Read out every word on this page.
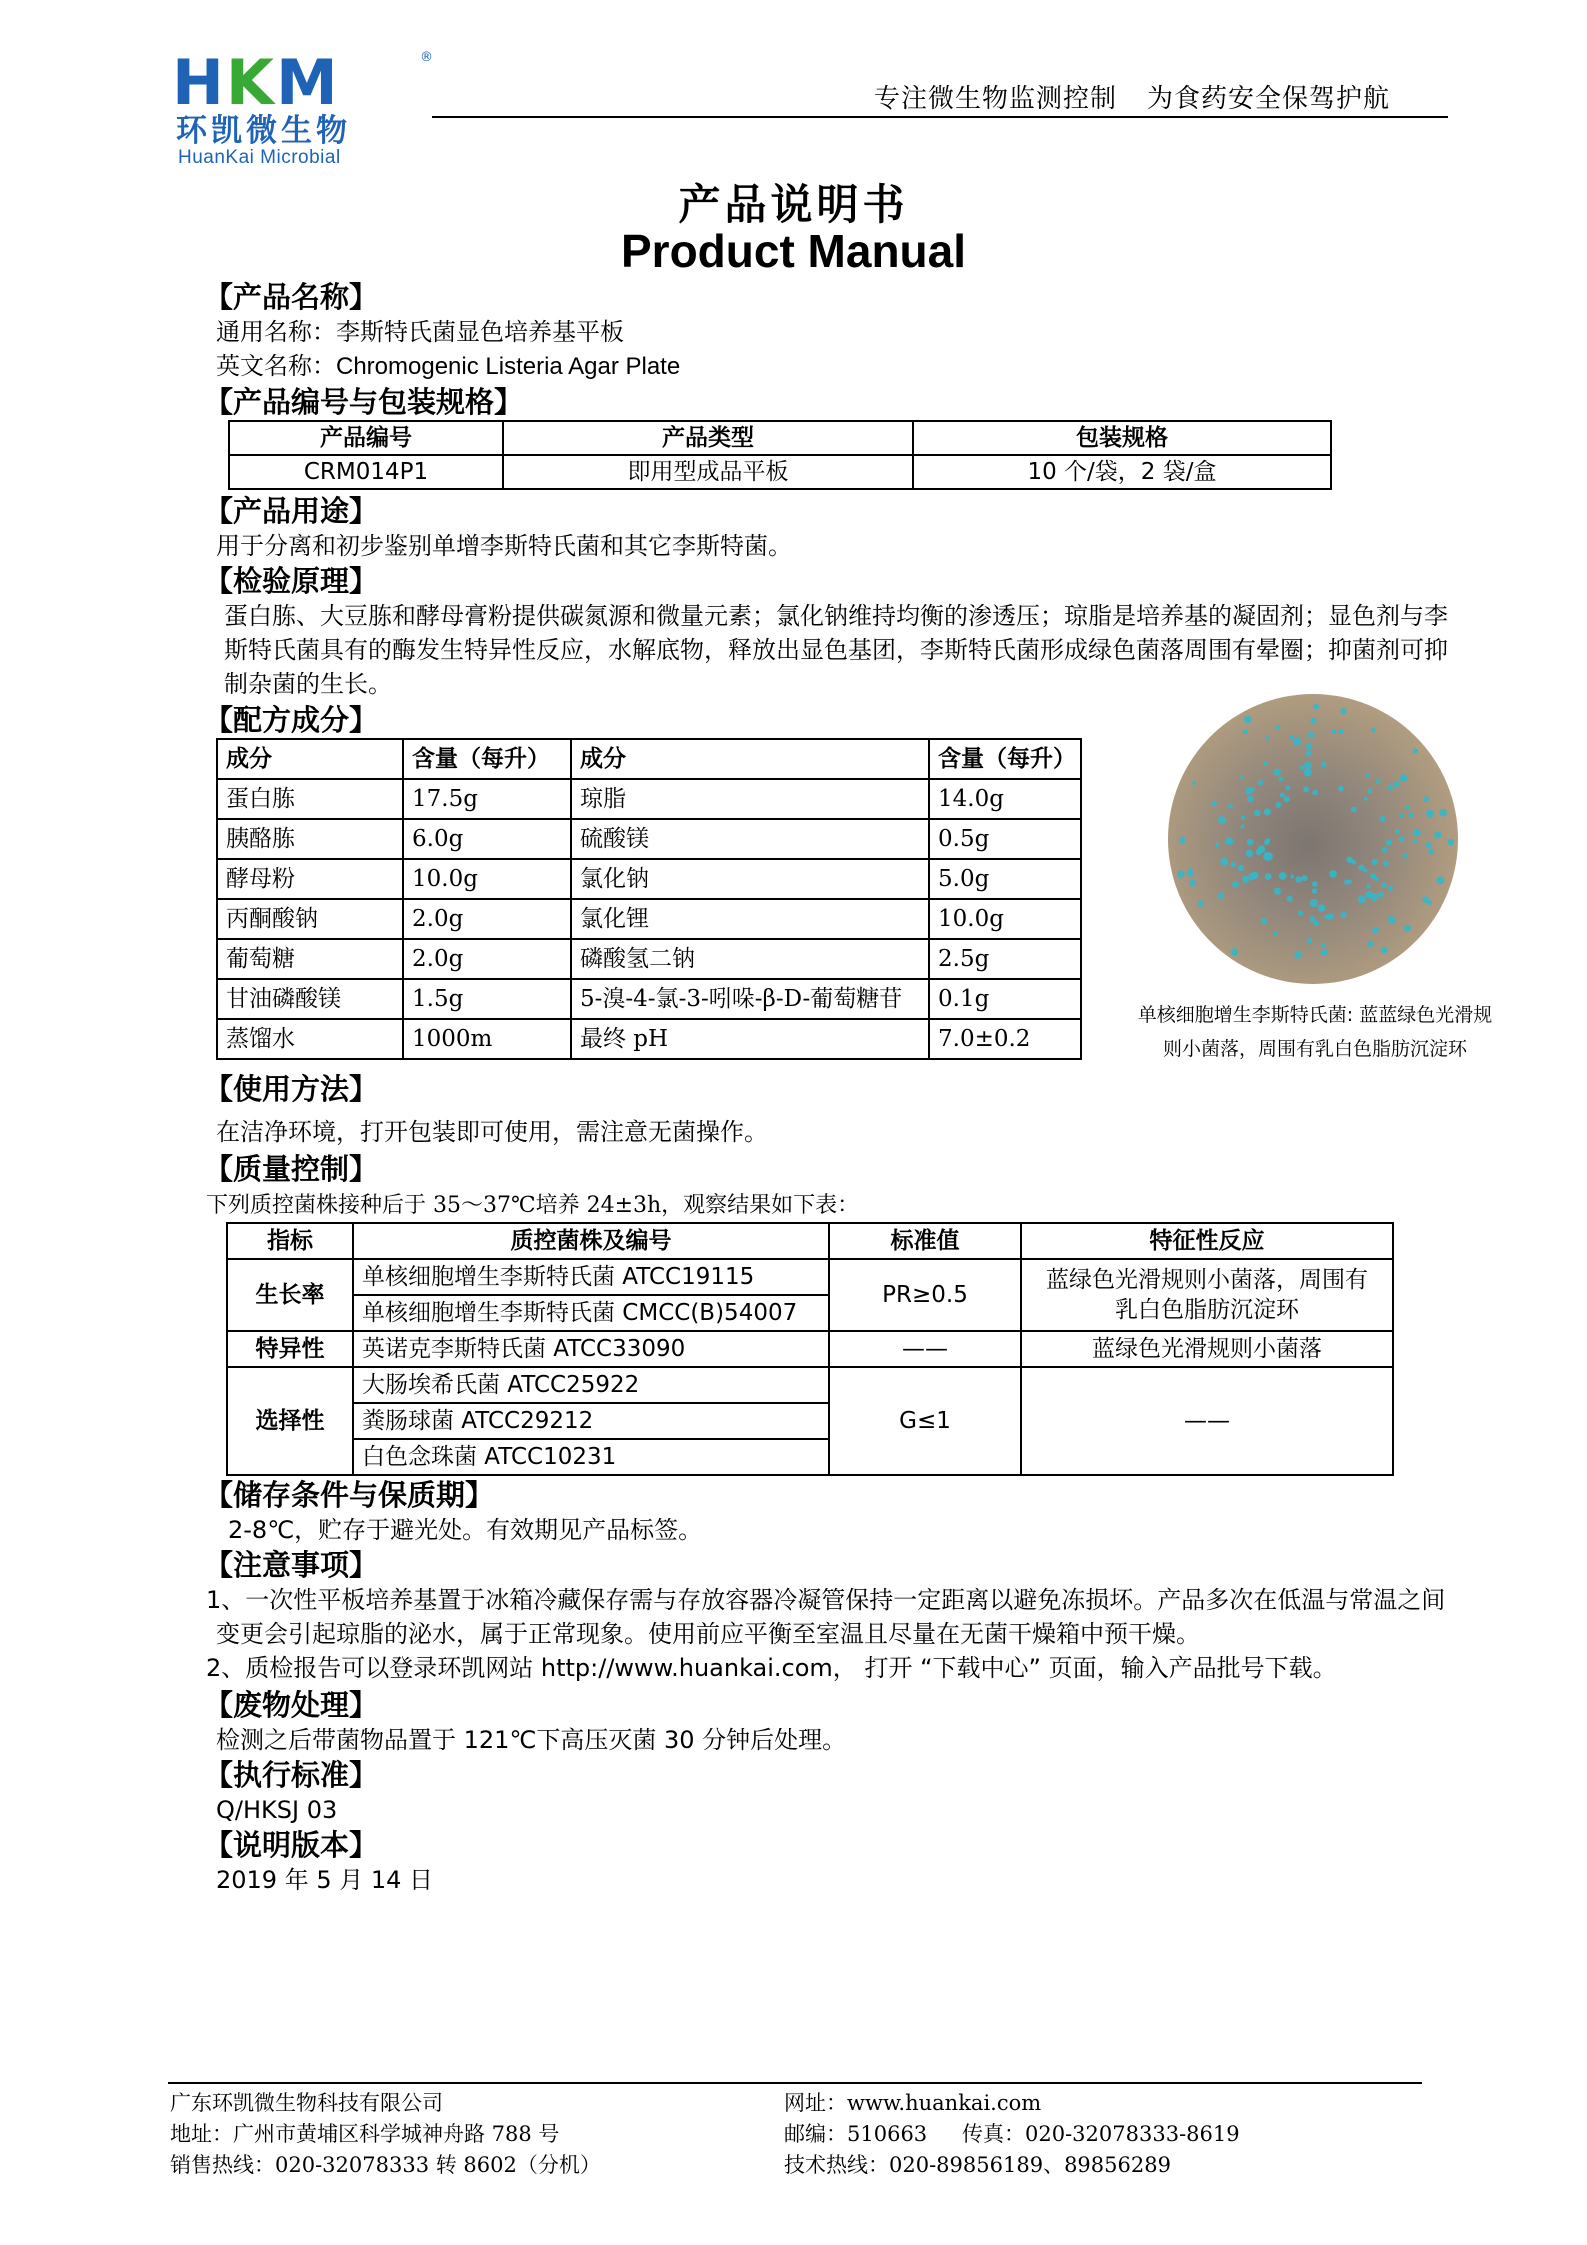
HKM	®
环凯微生物
HuanKai Microbial
专注微生物监测控制 为食药安全保驾护航
产品说明书
Product Manual
【产品名称】
通用名称：李斯特氏菌显色培养基平板
英文名称：Chromogenic Listeria Agar Plate
【产品编号与包装规格】
产品编号	产品类型	包装规格
CRM014P1	即用型成品平板	10 个/袋，2 袋/盒
【产品用途】
用于分离和初步鉴别单增李斯特氏菌和其它李斯特菌。
【检验原理】
蛋白胨、大豆胨和酵母膏粉提供碳氮源和微量元素；氯化钠维持均衡的渗透压；琼脂是培养基的凝固剂；显色剂与李
斯特氏菌具有的酶发生特异性反应，水解底物，释放出显色基团，李斯特氏菌形成绿色菌落周围有晕圈；抑菌剂可抑
制杂菌的生长。
【配方成分】
成分	含量（每升）	成分	含量（每升）
蛋白胨	17.5g	琼脂	14.0g
胰酪胨	6.0g	硫酸镁	0.5g
酵母粉	10.0g	氯化钠	5.0g
丙酮酸钠	2.0g	氯化锂	10.0g
葡萄糖	2.0g	磷酸氢二钠	2.5g
甘油磷酸镁	1.5g	5-溴-4-氯-3-吲哚-β-D-葡萄糖苷	0.1g
蒸馏水	1000m	最终 pH	7.0±0.2
单核细胞增生李斯特氏菌: 蓝蓝绿色光滑规
则小菌落，周围有乳白色脂肪沉淀环
【使用方法】
在洁净环境，打开包装即可使用，需注意无菌操作。
【质量控制】
下列质控菌株接种后于 35～37℃培养 24±3h，观察结果如下表：
指标	质控菌株及编号	标准值	特征性反应
生长率	单核细胞增生李斯特氏菌 ATCC19115	PR≥0.5	蓝绿色光滑规则小菌落，周围有
乳白色脂肪沉淀环

	单核细胞增生李斯特氏菌 CMCC(B)54007		
特异性	英诺克李斯特氏菌 ATCC33090	——	蓝绿色光滑规则小菌落
选择性	大肠埃希氏菌 ATCC25922	G≤1	——
	粪肠球菌 ATCC29212		
	白色念珠菌 ATCC10231		
【储存条件与保质期】
2-8℃，贮存于避光处。有效期见产品标签。
【注意事项】
1、一次性平板培养基置于冰箱冷藏保存需与存放容器冷凝管保持一定距离以避免冻损坏。产品多次在低温与常温之间
变更会引起琼脂的泌水，属于正常现象。使用前应平衡至室温且尽量在无菌干燥箱中预干燥。
2、质检报告可以登录环凯网站 http://www.huankai.com， 打开 “下载中心” 页面，输入产品批号下载。
【废物处理】
检测之后带菌物品置于 121℃下高压灭菌 30 分钟后处理。
【执行标准】
Q/HKSJ 03
【说明版本】
2019 年 5 月 14 日
广东环凯微生物科技有限公司
地址：广州市黄埔区科学城神舟路 788 号
销售热线：020-32078333 转 8602（分机）
网址：www.huankai.com
邮编：510663 传真：020-32078333-8619
技术热线：020-89856189、89856289
